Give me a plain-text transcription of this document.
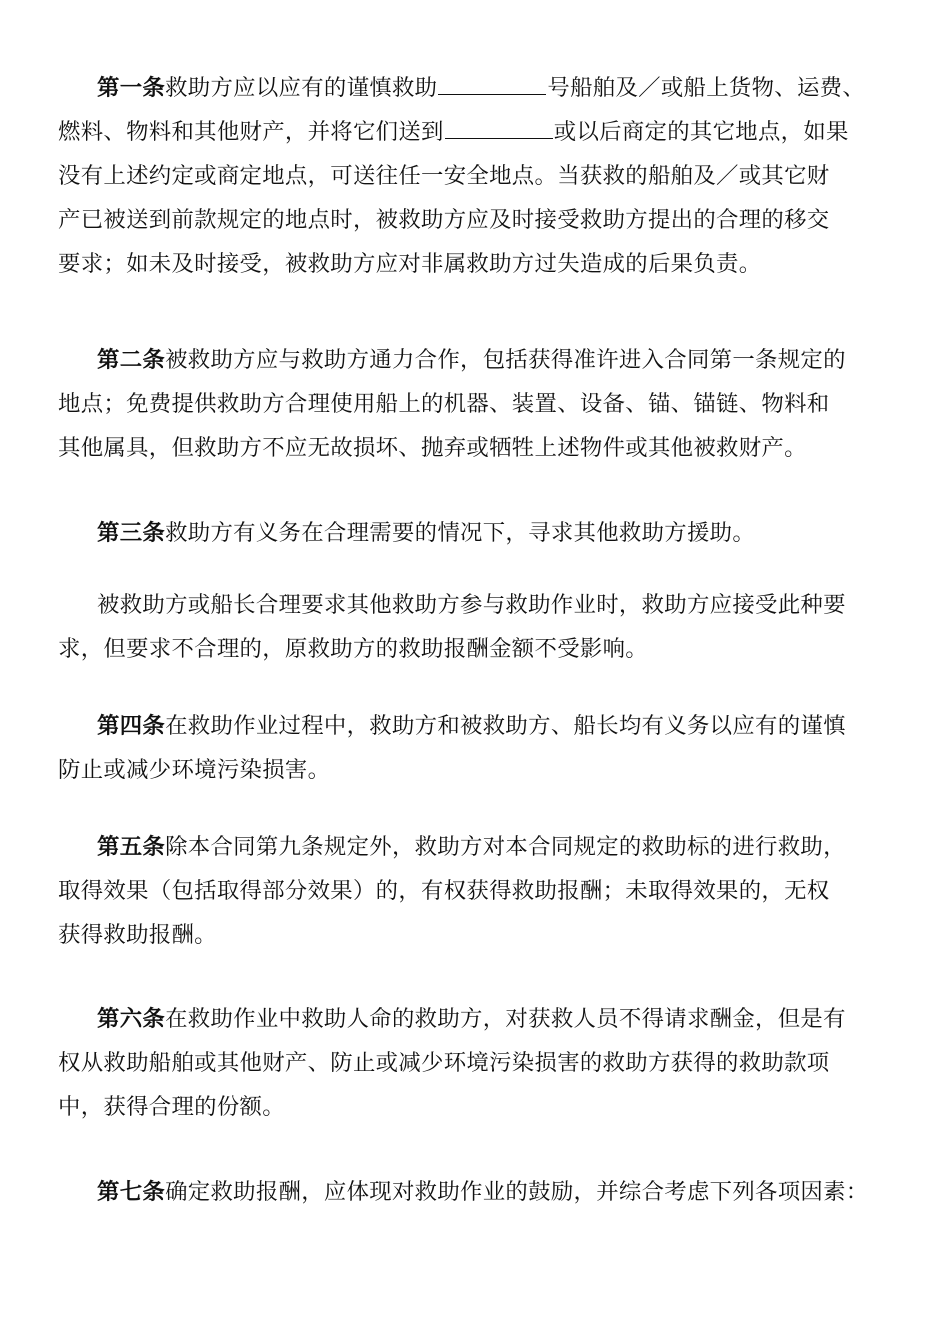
第一条救助方应以应有的谨慎救助	号船舶及／或船上货物、运费、
燃料、物料和其他财产，并将它们送到	或以后商定的其它地点，如果
没有上述约定或商定地点，可送往任一安全地点。当获救的船舶及／或其它财
产已被送到前款规定的地点时，被救助方应及时接受救助方提出的合理的移交
要求；如未及时接受，被救助方应对非属救助方过失造成的后果负责。
第二条被救助方应与救助方通力合作，包括获得准许进入合同第一条规定的
地点；免费提供救助方合理使用船上的机器、装置、设备、锚、锚链、物料和
其他属具，但救助方不应无故损坏、抛弃或牺牲上述物件或其他被救财产。
第三条救助方有义务在合理需要的情况下，寻求其他救助方援助。
被救助方或船长合理要求其他救助方参与救助作业时，救助方应接受此种要
求，但要求不合理的，原救助方的救助报酬金额不受影响。
第四条在救助作业过程中，救助方和被救助方、船长均有义务以应有的谨慎
防止或减少环境污染损害。
第五条除本合同第九条规定外，救助方对本合同规定的救助标的进行救助，
取得效果（包括取得部分效果）的，有权获得救助报酬；未取得效果的，无权
获得救助报酬。
第六条在救助作业中救助人命的救助方，对获救人员不得请求酬金，但是有
权从救助船舶或其他财产、防止或减少环境污染损害的救助方获得的救助款项
中，获得合理的份额。
第七条确定救助报酬，应体现对救助作业的鼓励，并综合考虑下列各项因素：
